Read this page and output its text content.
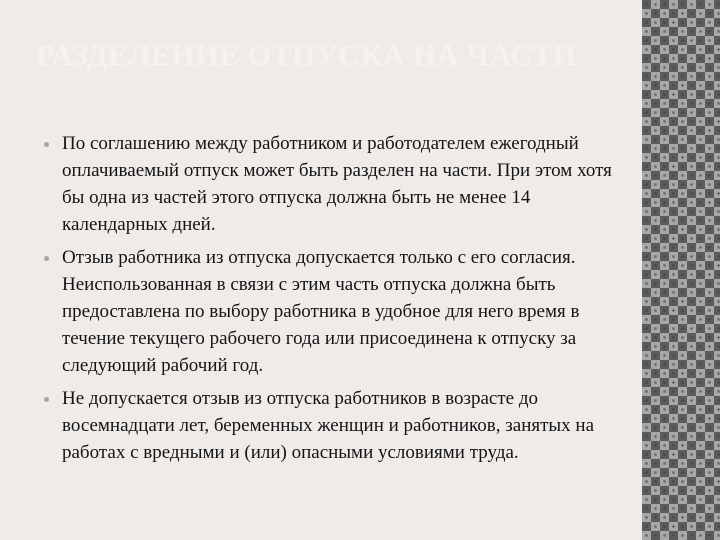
РАЗДЕЛЕНИЕ ОТПУСКА НА ЧАСТИ
По соглашению между работником и работодателем ежегодный оплачиваемый отпуск может быть разделен на части. При этом хотя бы одна из частей этого отпуска должна быть не менее 14 календарных дней.
Отзыв работника из отпуска допускается только с его согласия. Неиспользованная в связи с этим часть отпуска должна быть предоставлена по выбору работника в удобное для него время в течение текущего рабочего года или присоединена к отпуску за следующий рабочий год.
Не допускается отзыв из отпуска работников в возрасте до восемнадцати лет, беременных женщин и работников, занятых на работах с вредными и (или) опасными условиями труда.
